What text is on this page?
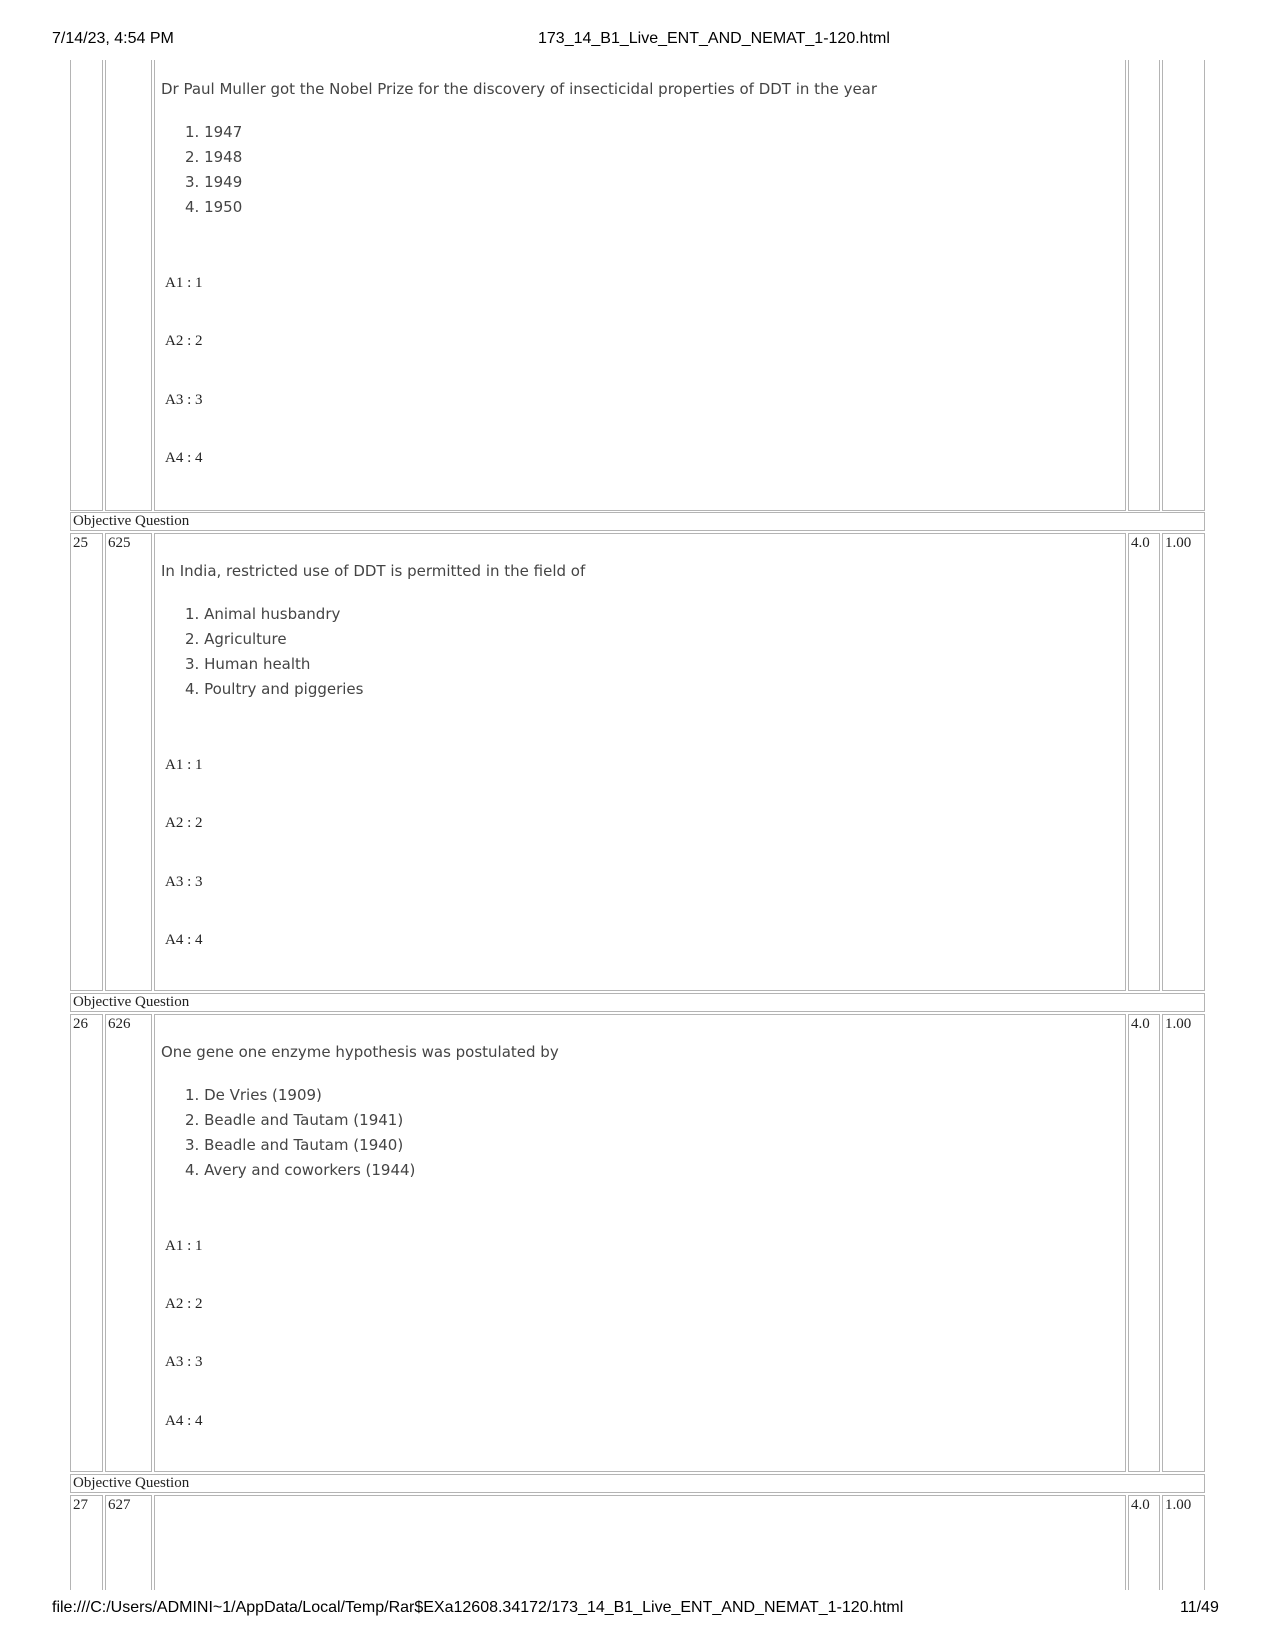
7/14/23, 4:54 PM	173_14_B1_Live_ENT_AND_NEMAT_1-120.html
Dr Paul Muller got the Nobel Prize for the discovery of insecticidal properties of DDT in the year
1. 1947
2. 1948
3. 1949
4. 1950
A1 : 1
A2 : 2
A3 : 3
A4 : 4
Objective Question
25 625	4.0 1.00
In India, restricted use of DDT is permitted in the field of
1. Animal husbandry
2. Agriculture
3. Human health
4. Poultry and piggeries
A1 : 1
A2 : 2
A3 : 3
A4 : 4
Objective Question
26 626	4.0 1.00
One gene one enzyme hypothesis was postulated by
1. De Vries (1909)
2. Beadle and Tautam (1941)
3. Beadle and Tautam (1940)
4. Avery and coworkers (1944)
A1 : 1
A2 : 2
A3 : 3
A4 : 4
Objective Question
27 627	4.0 1.00
file:///C:/Users/ADMINI~1/AppData/Local/Temp/Rar$EXa12608.34172/173_14_B1_Live_ENT_AND_NEMAT_1-120.html	11/49
